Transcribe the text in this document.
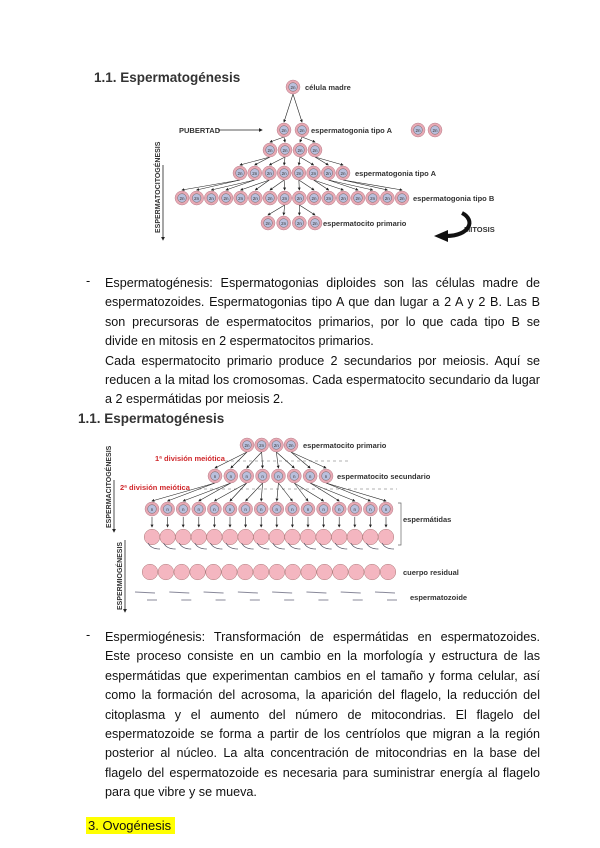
1.1. Espermatogénesis
célula madre
PUBERTAD	espermatogonia tipo A
espermatogonia tipo A
espermatogonia tipo B
espermatocito primario
MITOSIS
ESPERMATOCITOGÉNESIS
2n
2n	2n	2n	2n
2n 2n 2n 2n
2n 2n 2n 2n 2n 2n 2n 2n
2n 2n 2n 2n 2n 2n 2n 2n 2n 2n 2n 2n 2n 2n 2n 2n
2n 2n 2n 2n
1.1. Espermatogénesis
espermatocito primario
1ª división meiótica
espermatocito secundario
2ª división meiótica
espermátidas
cuerpo residual
espermatozoide
ESPERMACITOGÉNESIS
ESPERMIOGÉNESIS
2n 2n 2n 2n
n	n	n	n	n	n	n	n
n	n	n	n	n	n	n	n	n	n	n	n	n	n	n	n
- Espermatogénesis: Espermatogonias diploides son las células madre de
espermatozoides. Espermatogonias tipo A que dan lugar a 2 A y 2 B. Las B
son precursoras de espermatocitos primarios, por lo que cada tipo B se
divide en mitosis en 2 espermatocitos primarios.
Cada espermatocito primario produce 2 secundarios por meiosis. Aquí se
reducen a la mitad los cromosomas. Cada espermatocito secundario da lugar
a 2 espermátidas por meiosis 2.
- Espermiogénesis: Transformación de espermátidas en espermatozoides.
Este proceso consiste en un cambio en la morfología y estructura de las
espermátidas que experimentan cambios en el tamaño y forma celular, así
como la formación del acrosoma, la aparición del flagelo, la reducción del
citoplasma y el aumento del número de mitocondrias. El flagelo del
espermatozoide se forma a partir de los centríolos que migran a la región
posterior al núcleo. La alta concentración de mitocondrias en la base del
flagelo del espermatozoide es necesaria para suministrar energía al flagelo
para que vibre y se mueva.
3. Ovogénesis
